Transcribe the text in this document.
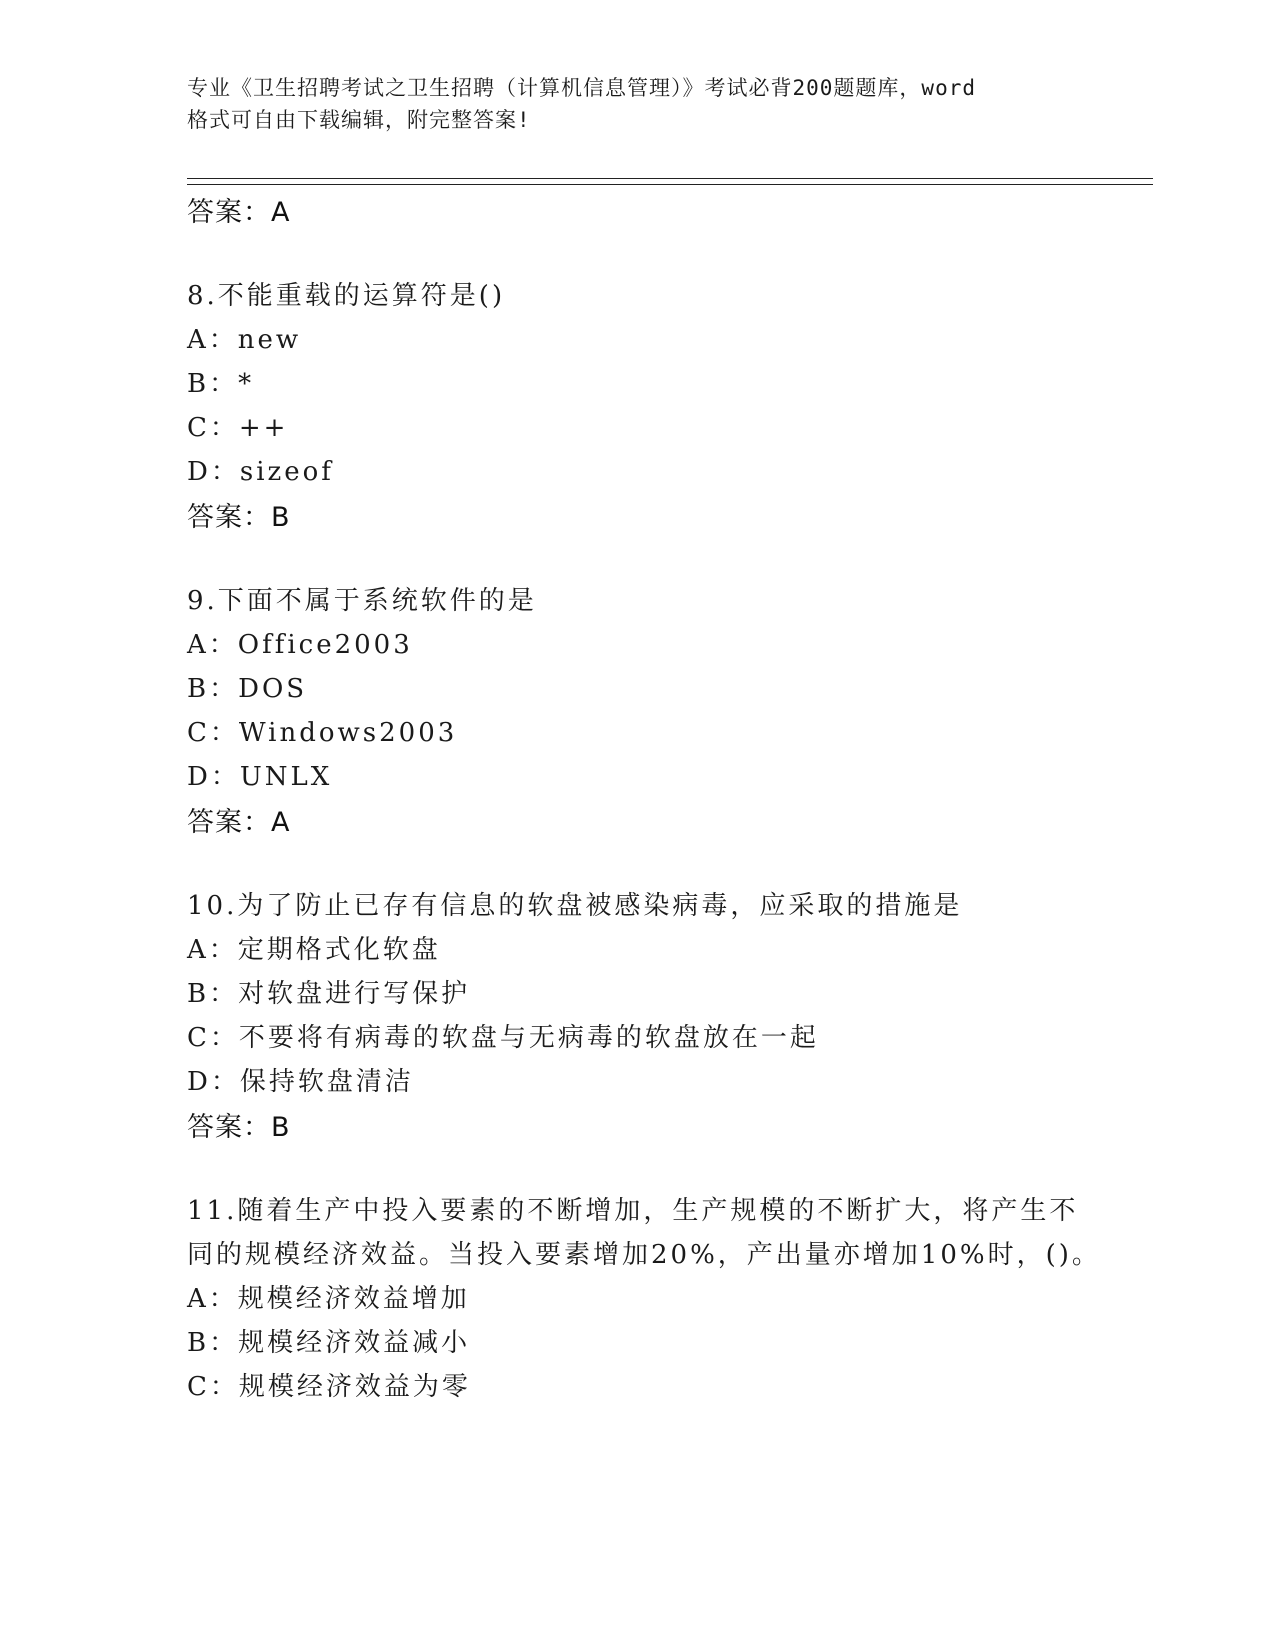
专业《卫生招聘考试之卫生招聘（计算机信息管理）》考试必背200题题库，word
格式可自由下载编辑，附完整答案!
答案：A
8.不能重载的运算符是()
A：new
B：*
C：++
D：sizeof
答案：B
9.下面不属于系统软件的是
A：Office2003
B：DOS
C：Windows2003
D：UNLX
答案：A
10.为了防止已存有信息的软盘被感染病毒，应采取的措施是
A：定期格式化软盘
B：对软盘进行写保护
C：不要将有病毒的软盘与无病毒的软盘放在一起
D：保持软盘清洁
答案：B
11.随着生产中投入要素的不断增加，生产规模的不断扩大，将产生不
同的规模经济效益。当投入要素增加20%，产出量亦增加10%时，()。
A：规模经济效益增加
B：规模经济效益减小
C：规模经济效益为零
